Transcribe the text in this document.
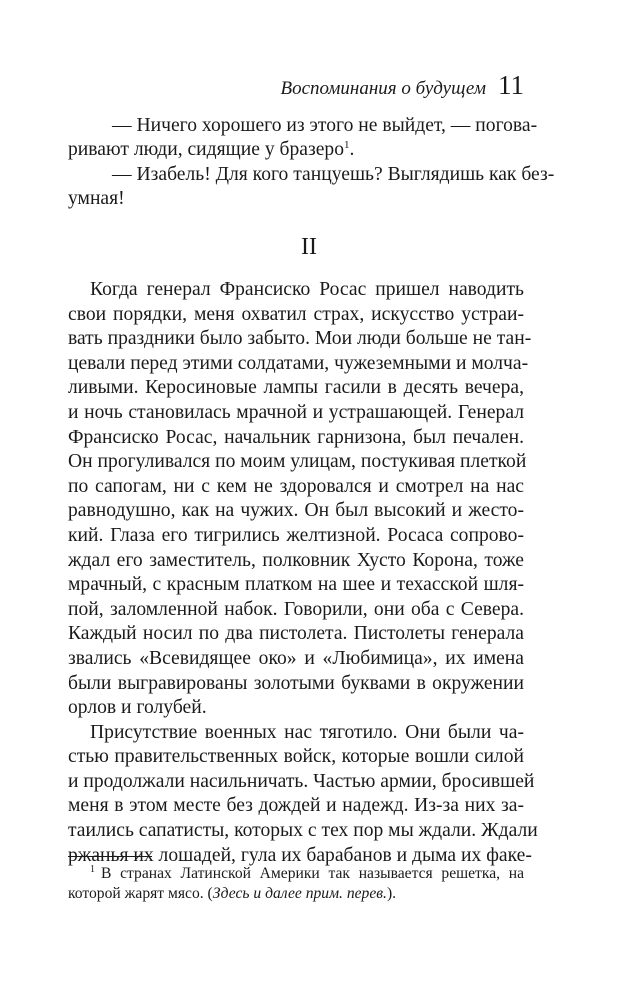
Воспоминания о будущем 11

— Ничего хорошего из этого не выйдет, — погова-
ривают люди, сидящие у бразеро$^1$.

— Изабель! Для кого танцуешь? Выглядишь как без-
умная!

II

Когда генерал Франсиско Росас пришел наводить
свои порядки, меня охватил страх, искусство устраи-
вать праздники было забыто. Мои люди больше не тан-
цевали перед этими солдатами, чужеземными и молча-
ливыми. Керосиновые лампы гасили в десять вечера,
и ночь становилась мрачной и устрашающей. Генерал
Франсиско Росас, начальник гарнизона, был печален.
Он прогуливался по моим улицам, постукивая плеткой
по сапогам, ни с кем не здоровался и смотрел на нас
равнодушно, как на чужих. Он был высокий и жесто-
кий. Глаза его тигрились желтизной. Росаса сопрово-
ждал его заместитель, полковник Хусто Корона, тоже
мрачный, с красным платком на шее и техасской шля-
пой, заломленной набок. Говорили, они оба с Севера.
Каждый носил по два пистолета. Пистолеты генерала
звались «Всевидящее око» и «Любимица», их имена
были выгравированы золотыми буквами в окружении
орлов и голубей.

Присутствие военных нас тяготило. Они были ча-
стью правительственных войск, которые вошли силой
и продолжали насильничать. Частью армии, бросившей
меня в этом месте без дождей и надежд. Из-за них за-
таились сапатисты, которых с тех пор мы ждали. Ждали
ржанья их лошадей, гула их барабанов и дыма их факе-

$^1$ В странах Латинской Америки так называется решетка, на
которой жарят мясо. (Здесь и далее прим. перев.).
